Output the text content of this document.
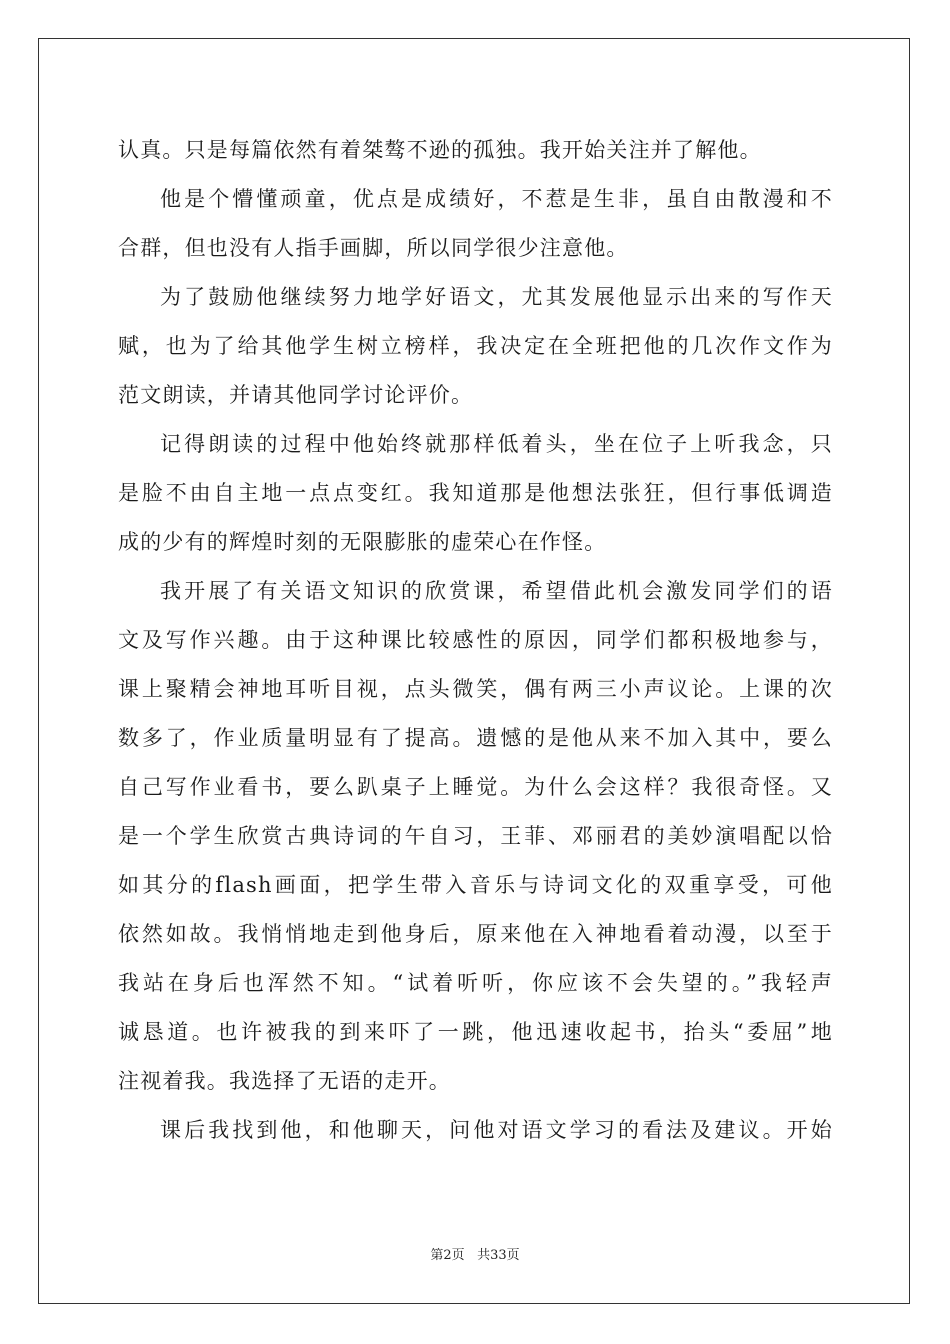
认真。只是每篇依然有着桀骜不逊的孤独。我开始关注并了解他。
他是个懵懂顽童，优点是成绩好，不惹是生非，虽自由散漫和不
合群，但也没有人指手画脚，所以同学很少注意他。
为了鼓励他继续努力地学好语文，尤其发展他显示出来的写作天
赋，也为了给其他学生树立榜样，我决定在全班把他的几次作文作为
范文朗读，并请其他同学讨论评价。
记得朗读的过程中他始终就那样低着头，坐在位子上听我念，只
是脸不由自主地一点点变红。我知道那是他想法张狂，但行事低调造
成的少有的辉煌时刻的无限膨胀的虚荣心在作怪。
我开展了有关语文知识的欣赏课，希望借此机会激发同学们的语
文及写作兴趣。由于这种课比较感性的原因，同学们都积极地参与，
课上聚精会神地耳听目视，点头微笑，偶有两三小声议论。上课的次
数多了，作业质量明显有了提高。遗憾的是他从来不加入其中，要么
自己写作业看书，要么趴桌子上睡觉。为什么会这样？我很奇怪。又
是一个学生欣赏古典诗词的午自习，王菲、邓丽君的美妙演唱配以恰
如其分的flash画面，把学生带入音乐与诗词文化的双重享受，可他
依然如故。我悄悄地走到他身后，原来他在入神地看着动漫，以至于
我站在身后也浑然不知。“试着听听，你应该不会失望的。”我轻声
诚恳道。也许被我的到来吓了一跳，他迅速收起书，抬头“委屈”地
注视着我。我选择了无语的走开。
课后我找到他，和他聊天，问他对语文学习的看法及建议。开始
第2页 共33页
